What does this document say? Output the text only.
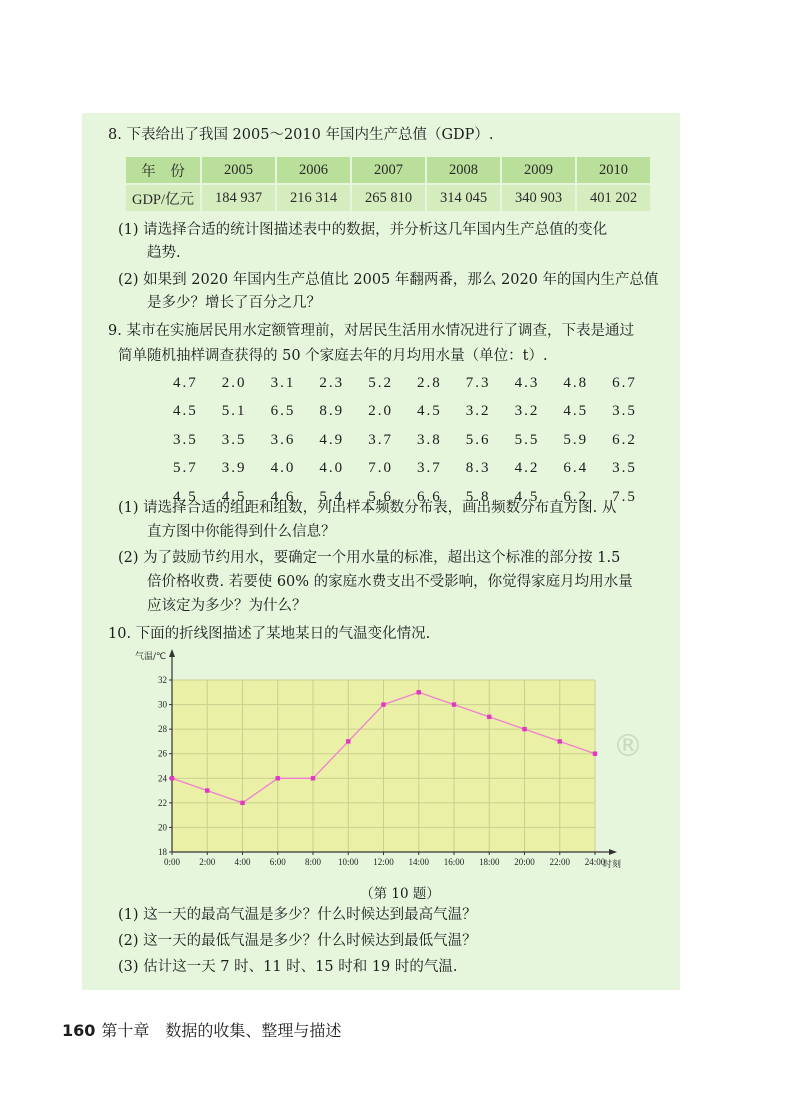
8. 下表给出了我国 2005～2010 年国内生产总值（GDP）.
年　份	2005	2006	2007	2008	2009	2010
GDP/亿元	184 937	216 314	265 810	314 045	340 903	401 202
(1) 请选择合适的统计图描述表中的数据，并分析这几年国内生产总值的变化
趋势.
(2) 如果到 2020 年国内生产总值比 2005 年翻两番，那么 2020 年的国内生产总值
是多少？增长了百分之几？
9. 某市在实施居民用水定额管理前，对居民生活用水情况进行了调查，下表是通过
简单随机抽样调查获得的 50 个家庭去年的月均用水量（单位：t）.
4.7	2.0	3.1	2.3	5.2	2.8	7.3	4.3	4.8	6.7
4.5	5.1	6.5	8.9	2.0	4.5	3.2	3.2	4.5	3.5
3.5	3.5	3.6	4.9	3.7	3.8	5.6	5.5	5.9	6.2
5.7	3.9	4.0	4.0	7.0	3.7	8.3	4.2	6.4	3.5
4.5	4.5	4.6	5.4	5.6	6.6	5.8	4.5	6.2	7.5
(1) 请选择合适的组距和组数，列出样本频数分布表，画出频数分布直方图. 从
直方图中你能得到什么信息？
(2) 为了鼓励节约用水，要确定一个用水量的标准，超出这个标准的部分按 1.5
倍价格收费. 若要使 60% 的家庭水费支出不受影响，你觉得家庭月均用水量
应该定为多少？为什么？
10. 下面的折线图描述了某地某日的气温变化情况.
18
20
22
24
26
28
30
32
0:00 2:00 4:00 6:00 8:00 10:00 12:00 14:00 16:00 18:00 20:00 22:00 24:00
气温/℃
时刻
®
（第 10 题）
(1) 这一天的最高气温是多少？什么时候达到最高气温？
(2) 这一天的最低气温是多少？什么时候达到最低气温？
(3) 估计这一天 7 时、11 时、15 时和 19 时的气温.
160 第十章　数据的收集、整理与描述
